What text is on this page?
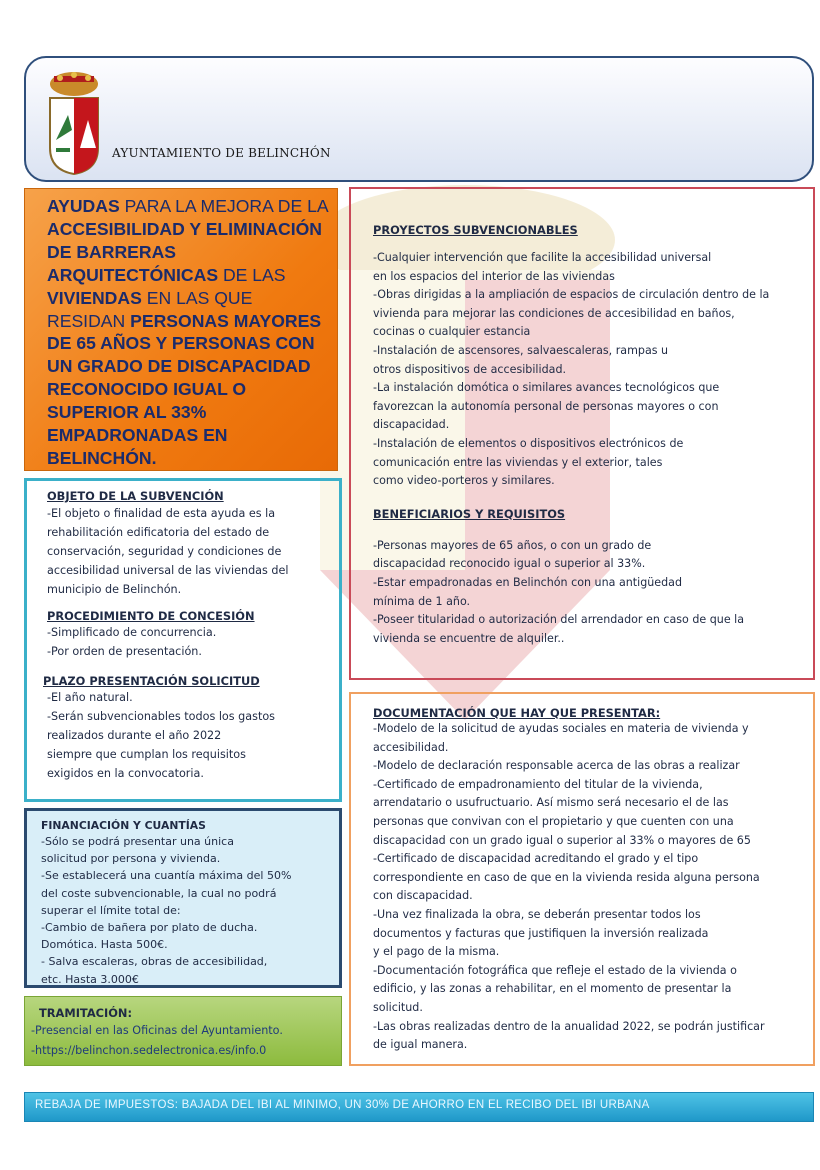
AYUNTAMIENTO DE BELINCHÓN
AYUDAS PARA LA MEJORA DE LA ACCESIBILIDAD Y ELIMINACIÓN DE BARRERAS ARQUITECTÓNICAS DE LAS VIVIENDAS EN LAS QUE RESIDAN PERSONAS MAYORES DE 65 AÑOS Y PERSONAS CON UN GRADO DE DISCAPACIDAD RECONOCIDO IGUAL O SUPERIOR AL 33% EMPADRONADAS EN BELINCHÓN.
OBJETO DE LA SUBVENCIÓN
-El objeto o finalidad de esta ayuda es la
rehabilitación edificatoria del estado de
conservación, seguridad y condiciones de
accesibilidad universal de las viviendas del
municipio de Belinchón.
PROCEDIMIENTO DE CONCESIÓN
-Simplificado de concurrencia.
-Por orden de presentación.
PLAZO PRESENTACIÓN SOLICITUD
-El año natural.
-Serán subvencionables todos los gastos
realizados durante el año 2022
siempre que cumplan los requisitos
exigidos en la convocatoria.
FINANCIACIÓN Y CUANTÍAS
-Sólo se podrá presentar una única
solicitud por persona y vivienda.
-Se establecerá una cuantía máxima del 50%
del coste subvencionable, la cual no podrá
superar el límite total de:
-Cambio de bañera por plato de ducha.
Domótica. Hasta 500€.
- Salva escaleras, obras de accesibilidad,
etc. Hasta 3.000€
TRAMITACIÓN:
-Presencial en las Oficinas del Ayuntamiento.
-https://belinchon.sedelectronica.es/info.0
PROYECTOS SUBVENCIONABLES
-Cualquier intervención que facilite la accesibilidad universal
en los espacios del interior de las viviendas
-Obras dirigidas a la ampliación de espacios de circulación dentro de la
vivienda para mejorar las condiciones de accesibilidad en baños,
cocinas o cualquier estancia
-Instalación de ascensores, salvaescaleras, rampas u
otros dispositivos de accesibilidad.
-La instalación domótica o similares avances tecnológicos que
favorezcan la autonomía personal de personas mayores o con
discapacidad.
-Instalación de elementos o dispositivos electrónicos de
comunicación entre las viviendas y el exterior, tales
como video-porteros y similares.
BENEFICIARIOS Y REQUISITOS
-Personas mayores de 65 años, o con un grado de
discapacidad reconocido igual o superior al 33%.
-Estar empadronadas en Belinchón con una antigüedad
mínima de 1 año.
-Poseer titularidad o autorización del arrendador en caso de que la
vivienda se encuentre de alquiler..
DOCUMENTACIÓN QUE HAY QUE PRESENTAR:
-Modelo de la solicitud de ayudas sociales en materia de vivienda y
accesibilidad.
-Modelo de declaración responsable acerca de las obras a realizar
-Certificado de empadronamiento del titular de la vivienda,
arrendatario o usufructuario. Así mismo será necesario el de las
personas que convivan con el propietario y que cuenten con una
discapacidad con un grado igual o superior al 33% o mayores de 65
-Certificado de discapacidad acreditando el grado y el tipo
correspondiente en caso de que en la vivienda resida alguna persona
con discapacidad.
-Una vez finalizada la obra, se deberán presentar todos los
documentos y facturas que justifiquen la inversión realizada
y el pago de la misma.
-Documentación fotográfica que refleje el estado de la vivienda o
edificio, y las zonas a rehabilitar, en el momento de presentar la
solicitud.
-Las obras realizadas dentro de la anualidad 2022, se podrán justificar
de igual manera.
REBAJA DE IMPUESTOS: BAJADA DEL IBI AL MINIMO, UN 30% DE AHORRO EN EL RECIBO DEL IBI URBANA
